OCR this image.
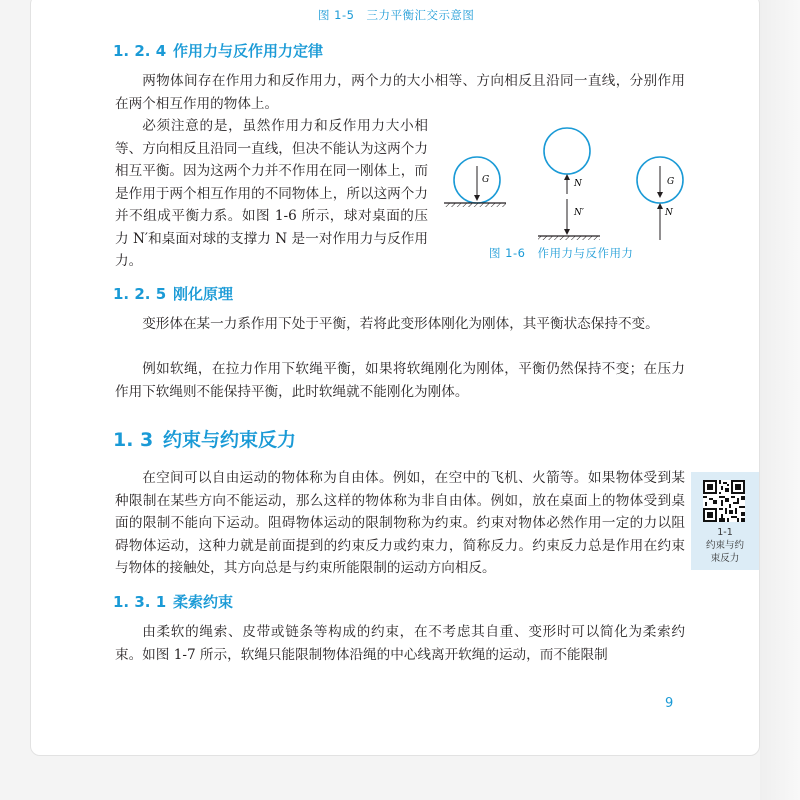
图 1-5　三力平衡汇交示意图
1. 2. 4 作用力与反作用力定律

两物体间存在作用力和反作用力，两个力的大小相等、方向相反且沿同一直线，分别作用在两个相互作用的物体上。

必须注意的是，虽然作用力和反作用力大小相等、方向相反且沿同一直线，但决不能认为这两个力相互平衡。因为这两个力并不作用在同一刚体上，而是作用于两个相互作用的不同物体上，所以这两个力并不组成平衡力系。如图 1-6 所示，球对桌面的压力 N′和桌面对球的支撑力 N 是一对作用力与反作用力。

G	N
N′
G
N
图 1-6　作用力与反作用力
1. 2. 5 刚化原理

变形体在某一力系作用下处于平衡，若将此变形体刚化为刚体，其平衡状态保持不变。

例如软绳，在拉力作用下软绳平衡，如果将软绳刚化为刚体，平衡仍然保持不变；在压力作用下软绳则不能保持平衡，此时软绳就不能刚化为刚体。

1. 3 约束与约束反力

在空间可以自由运动的物体称为自由体。例如，在空中的飞机、火箭等。如果物体受到某种限制在某些方向不能运动，那么这样的物体称为非自由体。例如，放在桌面上的物体受到桌面的限制不能向下运动。阻碍物体运动的限制物称为约束。约束对物体必然作用一定的力以阻碍物体运动，这种力就是前面提到的约束反力或约束力，简称反力。约束反力总是作用在约束与物体的接触处，其方向总是与约束所能限制的运动方向相反。

1-1
约束与约
束反力
1. 3. 1 柔索约束

由柔软的绳索、皮带或链条等构成的约束，在不考虑其自重、变形时可以简化为柔索约束。如图 1-7 所示，软绳只能限制物体沿绳的中心线离开软绳的运动，而不能限制

9
